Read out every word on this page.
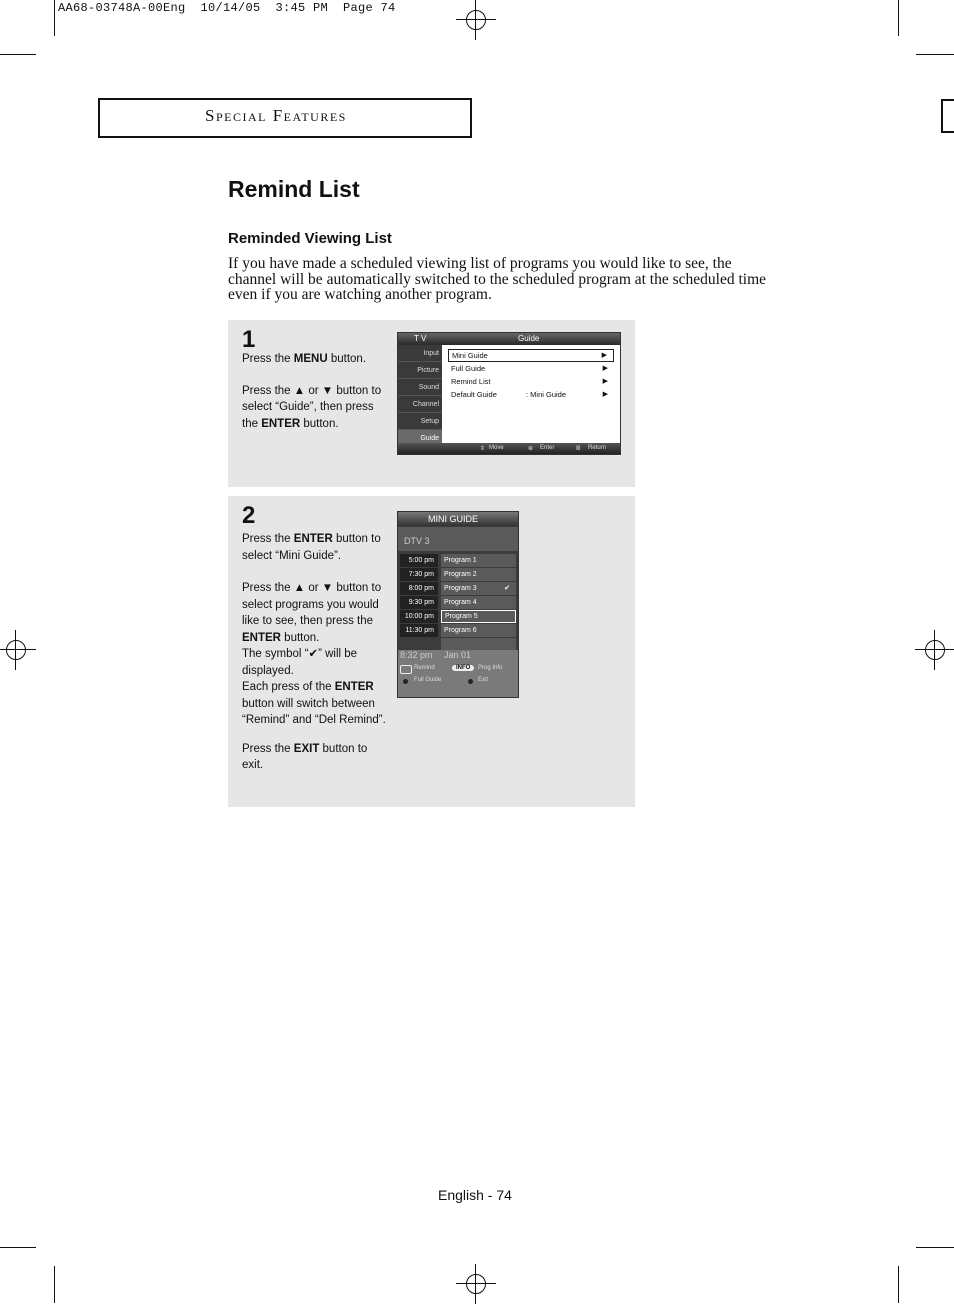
AA68-03748A-00Eng  10/14/05  3:45 PM  Page 74
Special Features
Remind List
Reminded Viewing List
If you have made a scheduled viewing list of programs you would like to see, the channel will be automatically switched to the scheduled program at the scheduled time even if you are watching another program.
1

Press the MENU button.

Press the ▲ or ▼ button to select “Guide”, then press the ENTER button.

T V	Guide
Input
Picture
Sound
Channel
Setup
Guide
Mini Guide	▶
Full Guide	▶
Remind List	▶
Default Guide	: Mini Guide	▶
⇕ Move	⊕ Enter	Ⅲ Return
2

Press the ENTER button to select “Mini Guide”.

Press the ▲ or ▼ button to select programs you would like to see, then press the ENTER button.

The symbol “✔” will be displayed.

Each press of the ENTER button will switch between “Remind” and “Del Remind”.

Press the EXIT button to exit.

MINI GUIDE
DTV 3
5:00 pm	Program 1
7:30 pm	Program 2
8:00 pm	Program 3	✔
9:30 pm	Program 4
10:00 pm	Program 5
11:30 pm	Program 6
8:32 pm Jan 01
Remind	INFO	Prog Info
Full Guide	Exit
English - 74
